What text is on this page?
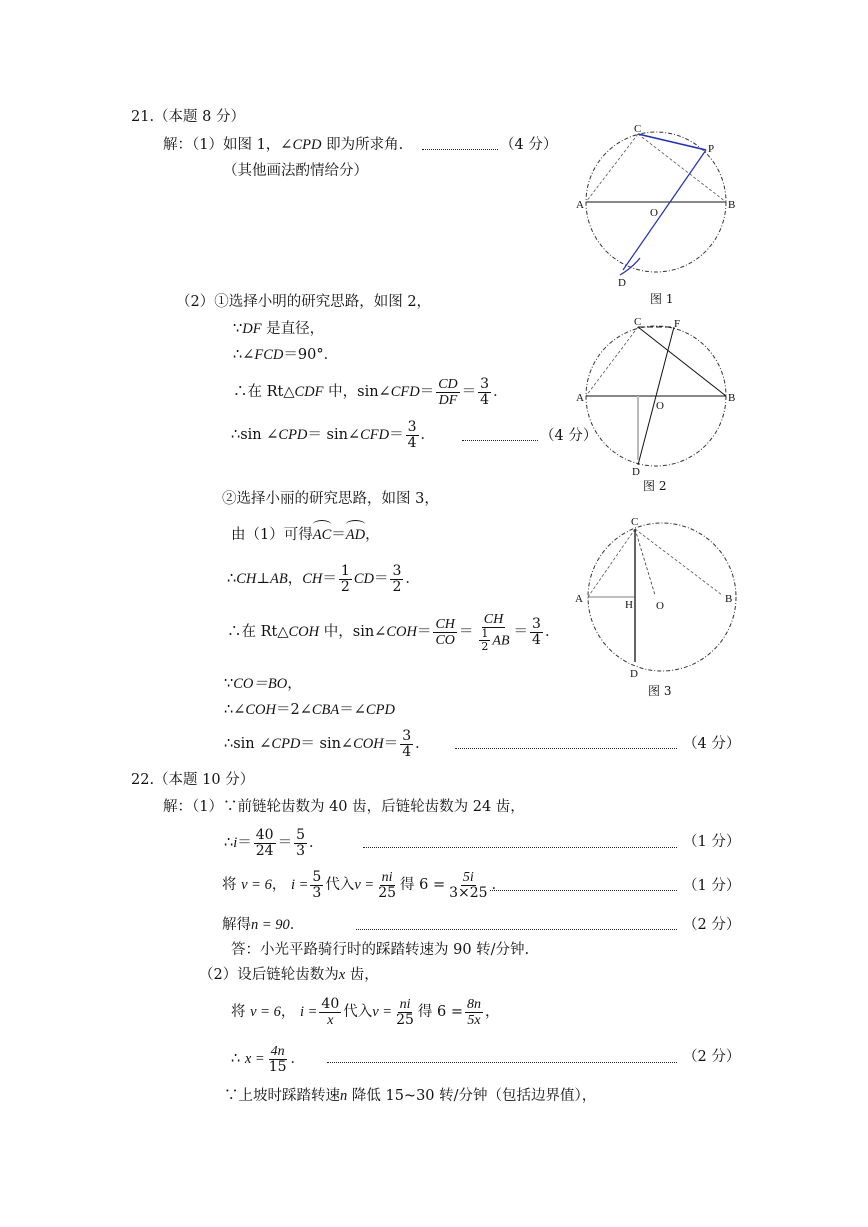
21.（本题 8 分）
解：（1）如图 1，∠CPD 即为所求角.	（4 分）
（其他画法酌情给分）
（2）①选择小明的研究思路，如图 2，
∵DF 是直径，
∴∠FCD＝90°．
∴在 Rt△CDF 中，sin∠CFD＝ $\frac{CD}{DF} = \frac{3}{4}$ ．
∴sin ∠CPD＝ sin∠CFD＝ $\frac{3}{4}$ ．	（4 分）
②选择小丽的研究思路，如图 3，
由（1）可得AC＝AD，
∴CH⊥AB，$CH= \frac{1}{2} CD= \frac{3}{2}$ ．
∴在 Rt△COH 中，sin∠COH＝ $\frac{CH}{CO} = \frac{CH}{\frac{1}{2} AB} = \frac{3}{4}$ ．
∵CO＝BO，
∴∠COH＝2∠CBA＝∠CPD
∴sin ∠CPD＝ sin∠COH＝ $\frac{3}{4}$ ．	（4 分）
22.（本题 10 分）
解：（1）∵前链轮齿数为 40 齿，后链轮齿数为 24 齿，
∴i＝ $\frac{40}{24} = \frac{5}{3}$ ．	（1 分）
将 v = 6， $i = \frac{5}{3}$ 代入$v = \frac{ni}{25}$ 得 $6 = \frac{5i}{3\times 25}$ ．	（1 分）
解得n = 90．	（2 分）
答：小光平路骑行时的踩踏转速为 90 转/分钟.
（2）设后链轮齿数为x 齿，
将 v = 6， $i = \frac{40}{x}$ 代入$v = \frac{ni}{25}$ 得 $6 = \frac{8n}{5x}$ ，
∴ $x = \frac{4n}{15}$ ．	（2 分）
∵上坡时踩踏转速n 降低 15~30 转/分钟（包括边界值），
C
P
A	B
O
D
图 1
C	F
A	B
O
D
图 2
C
A	B
H O
D
图 3
